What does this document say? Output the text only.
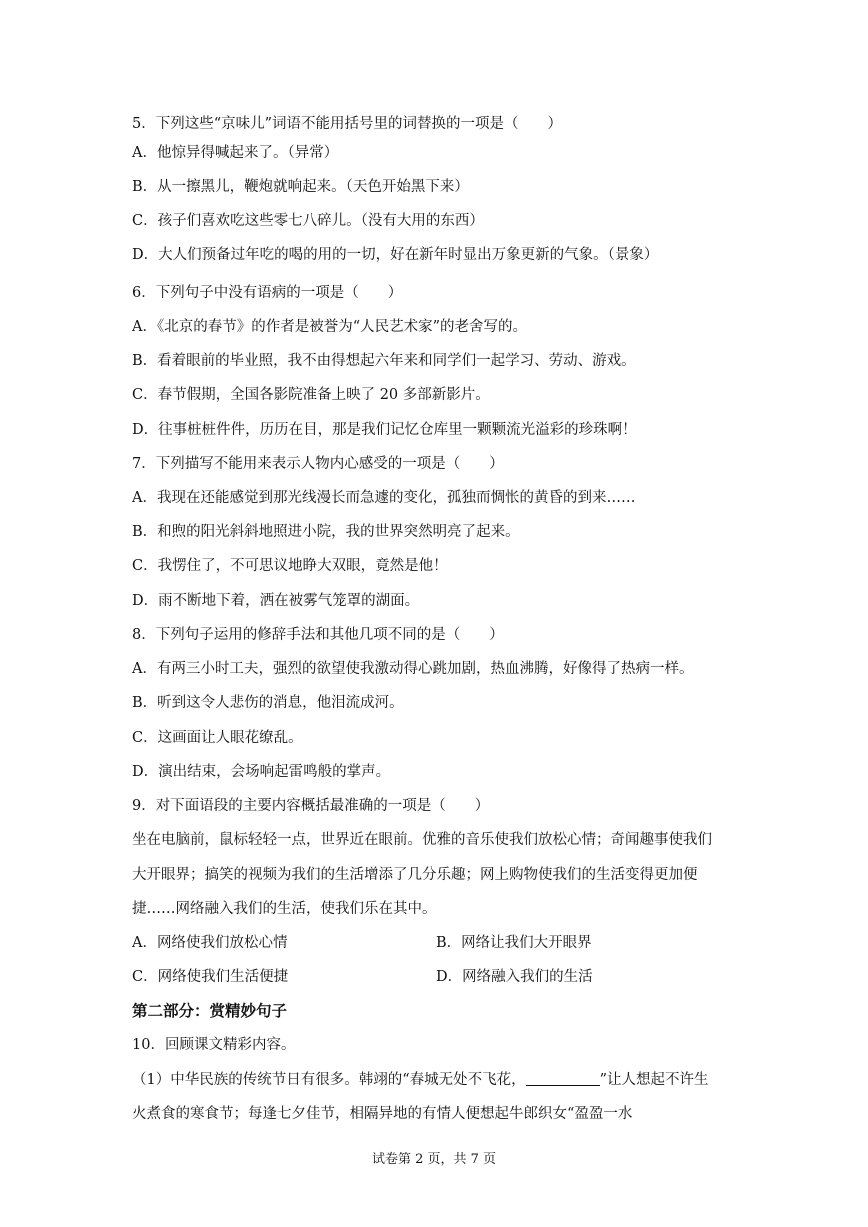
5．下列这些“京味儿”词语不能用括号里的词替换的一项是（　　）
A．他惊异得喊起来了。（异常）
B．从一擦黑儿，鞭炮就响起来。（天色开始黑下来）
C．孩子们喜欢吃这些零七八碎儿。（没有大用的东西）
D．大人们预备过年吃的喝的用的一切，好在新年时显出万象更新的气象。（景象）
6．下列句子中没有语病的一项是（　　）
A．《北京的春节》的作者是被誉为“人民艺术家”的老舍写的。
B．看着眼前的毕业照，我不由得想起六年来和同学们一起学习、劳动、游戏。
C．春节假期，全国各影院准备上映了 20 多部新影片。
D．往事桩桩件件，历历在目，那是我们记忆仓库里一颗颗流光溢彩的珍珠啊！
7．下列描写不能用来表示人物内心感受的一项是（　　）
A．我现在还能感觉到那光线漫长而急遽的变化，孤独而惆怅的黄昏的到来……
B．和煦的阳光斜斜地照进小院，我的世界突然明亮了起来。
C．我愣住了，不可思议地睁大双眼，竟然是他！
D．雨不断地下着，洒在被雾气笼罩的湖面。
8．下列句子运用的修辞手法和其他几项不同的是（　　）
A．有两三小时工夫，强烈的欲望使我激动得心跳加剧，热血沸腾，好像得了热病一样。
B．听到这令人悲伤的消息，他泪流成河。
C．这画面让人眼花缭乱。
D．演出结束，会场响起雷鸣般的掌声。
9．对下面语段的主要内容概括最准确的一项是（　　）
坐在电脑前，鼠标轻轻一点，世界近在眼前。优雅的音乐使我们放松心情；奇闻趣事使我们
大开眼界；搞笑的视频为我们的生活增添了几分乐趣；网上购物使我们的生活变得更加便
捷……网络融入我们的生活，使我们乐在其中。
A．网络使我们放松心情	B．网络让我们大开眼界
C．网络使我们生活便捷	D．网络融入我们的生活
第二部分：赏精妙句子
10．回顾课文精彩内容。
（1）中华民族的传统节日有很多。韩翊的“春城无处不飞花，	”让人想起不许生
火煮食的寒食节；每逢七夕佳节，相隔异地的有情人便想起牛郎织女“盈盈一水
试卷第 2 页，共 7 页
